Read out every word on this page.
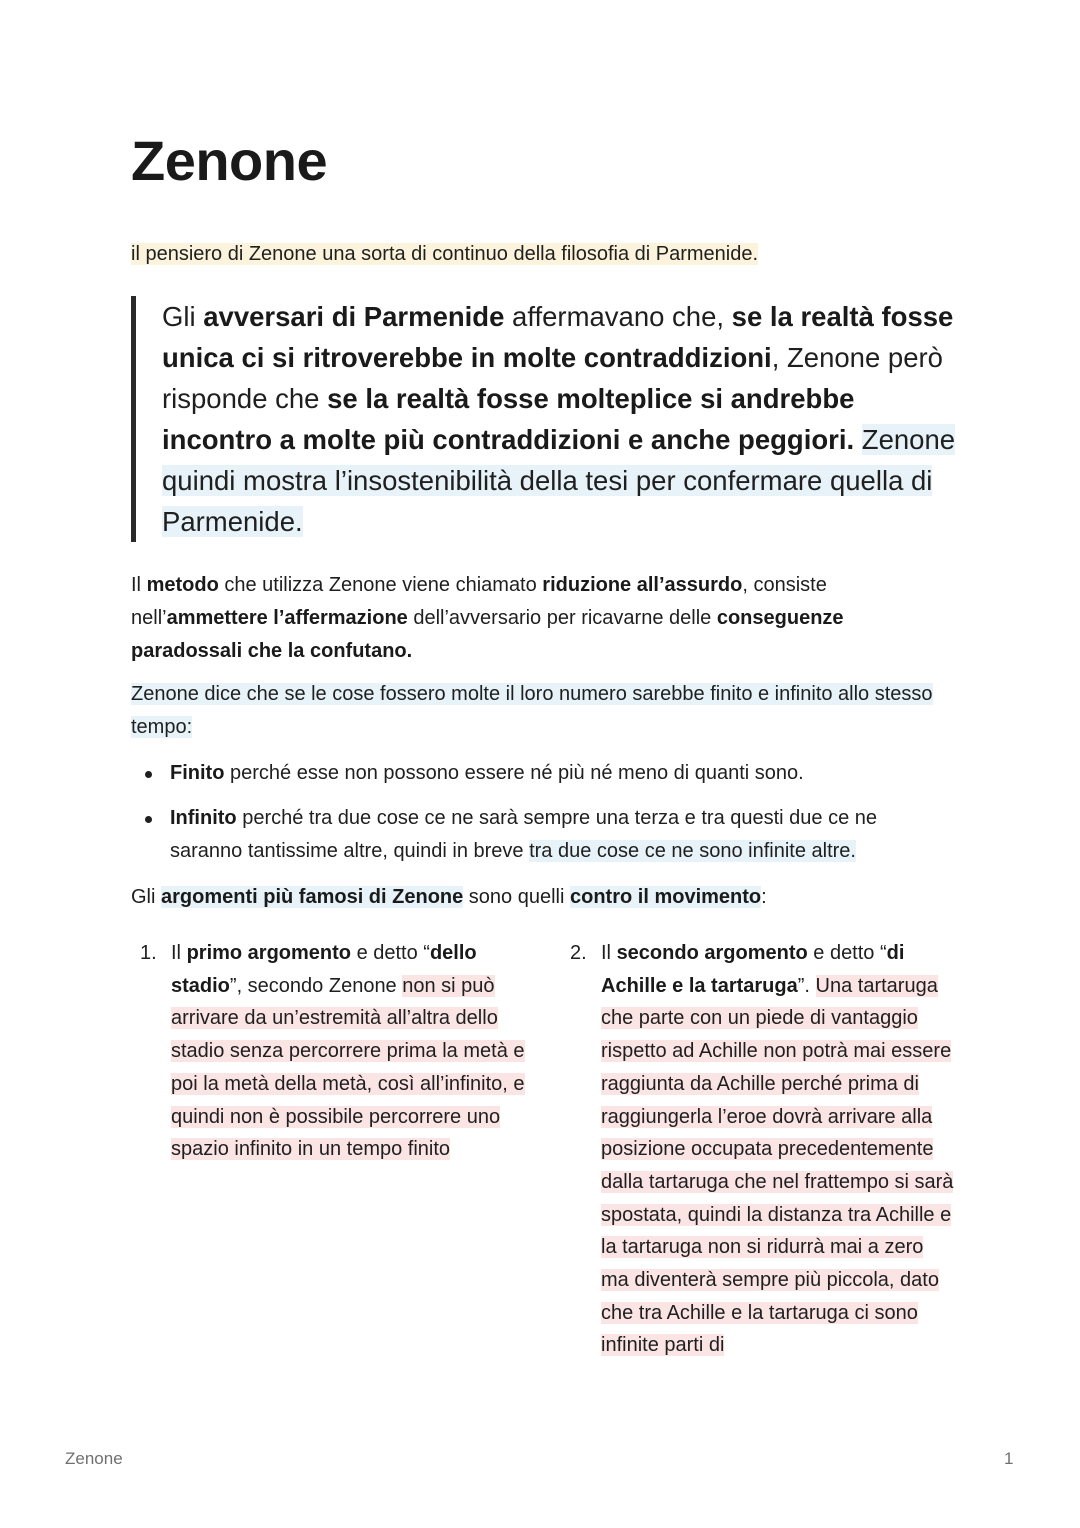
Zenone
il pensiero di Zenone una sorta di continuo della filosofia di Parmenide.

Gli avversari di Parmenide affermavano che, se la realtà fosse unica ci si ritroverebbe in molte contraddizioni, Zenone però risponde che se la realtà fosse molteplice si andrebbe incontro a molte più contraddizioni e anche peggiori. Zenone quindi mostra l’insostenibilità della tesi per confermare quella di Parmenide.

Il metodo che utilizza Zenone viene chiamato riduzione all’assurdo, consiste nell’ammettere l’affermazione dell’avversario per ricavarne delle conseguenze paradossali che la confutano.

Zenone dice che se le cose fossero molte il loro numero sarebbe finito e infinito allo stesso tempo:

Finito perché esse non possono essere né più né meno di quanti sono.
Infinito perché tra due cose ce ne sarà sempre una terza e tra questi due ce ne saranno tantissime altre, quindi in breve tra due cose ce ne sono infinite altre.

Gli argomenti più famosi di Zenone sono quelli contro il movimento:

1. Il primo argomento e detto “dello stadio”, secondo Zenone non si può arrivare da un’estremità all’altra dello stadio senza percorrere prima la metà e poi la metà della metà, così all’infinito, e quindi non è possibile percorrere uno spazio infinito in un tempo finito
2. Il secondo argomento e detto “di Achille e la tartaruga”. Una tartaruga che parte con un piede di vantaggio rispetto ad Achille non potrà mai essere raggiunta da Achille perché prima di raggiungerla l’eroe dovrà arrivare alla posizione occupata precedentemente dalla tartaruga che nel frattempo si sarà spostata, quindi la distanza tra Achille e la tartaruga non si ridurrà mai a zero ma diventerà sempre più piccola, dato che tra Achille e la tartaruga ci sono infinite parti di
Zenone	1
